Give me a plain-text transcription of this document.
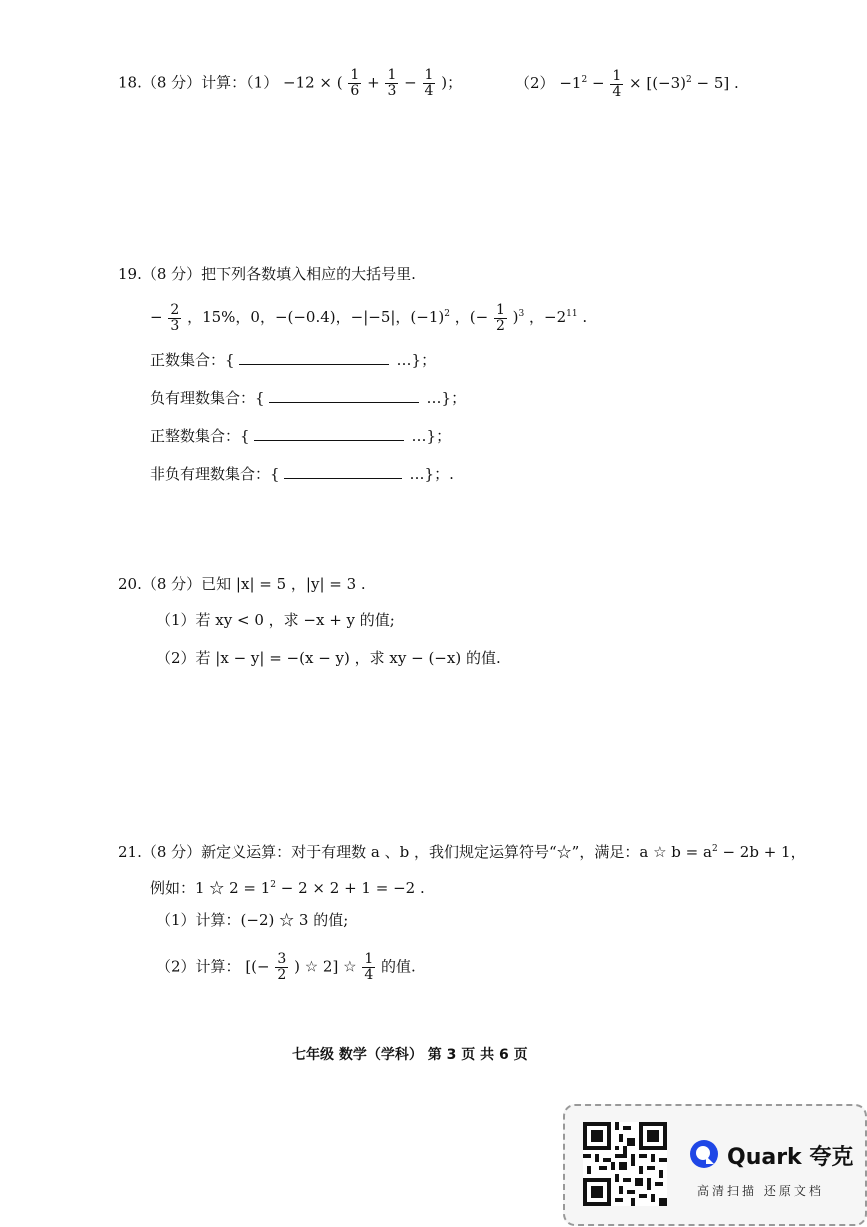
18.（8 分）计算：（1） −12 × ( $\frac{1}{6} + \frac{1}{3} - \frac{1}{4}$ )；	$(2) -1^2 - \frac{1}{4} \times [(-3)^2 - 5]$ .
19.（8 分）把下列各数填入相应的大括号里.
− $\frac{2}{3}$ ，15%，0，−(−0.4)，−|−5|，$(-1)^2$ ，(− $\frac{1}{2} )^3$ ，$-2^{11}$ .
正数集合：{	…}；
负有理数集合：{	…}；
正整数集合：{	…}；
非负有理数集合：{	…}；.
20.（8 分）已知 |x| = 5 ，|y| = 3 .
（1）若 xy < 0 ，求 −x + y 的值;
（2）若 |x − y| = −(x − y) ，求 xy − (−x) 的值.
21.（8 分）新定义运算：对于有理数 a 、b ，我们规定运算符号“☆”，满足：a ☆ $b = a^2 - 2b + 1$，
例如：1 ☆ $2 = 1^2 - 2 \times 2 + 1 = -2$ .
（1）计算：(−2) ☆ 3 的值;
（2）计算： [(− $\frac{3}{2}$ ) ☆ 2] ☆ $\frac{1}{4}$ 的值.
七年级 数学（学科） 第 3 页 共 6 页
Quark 夸克
高清扫描 还原文档
